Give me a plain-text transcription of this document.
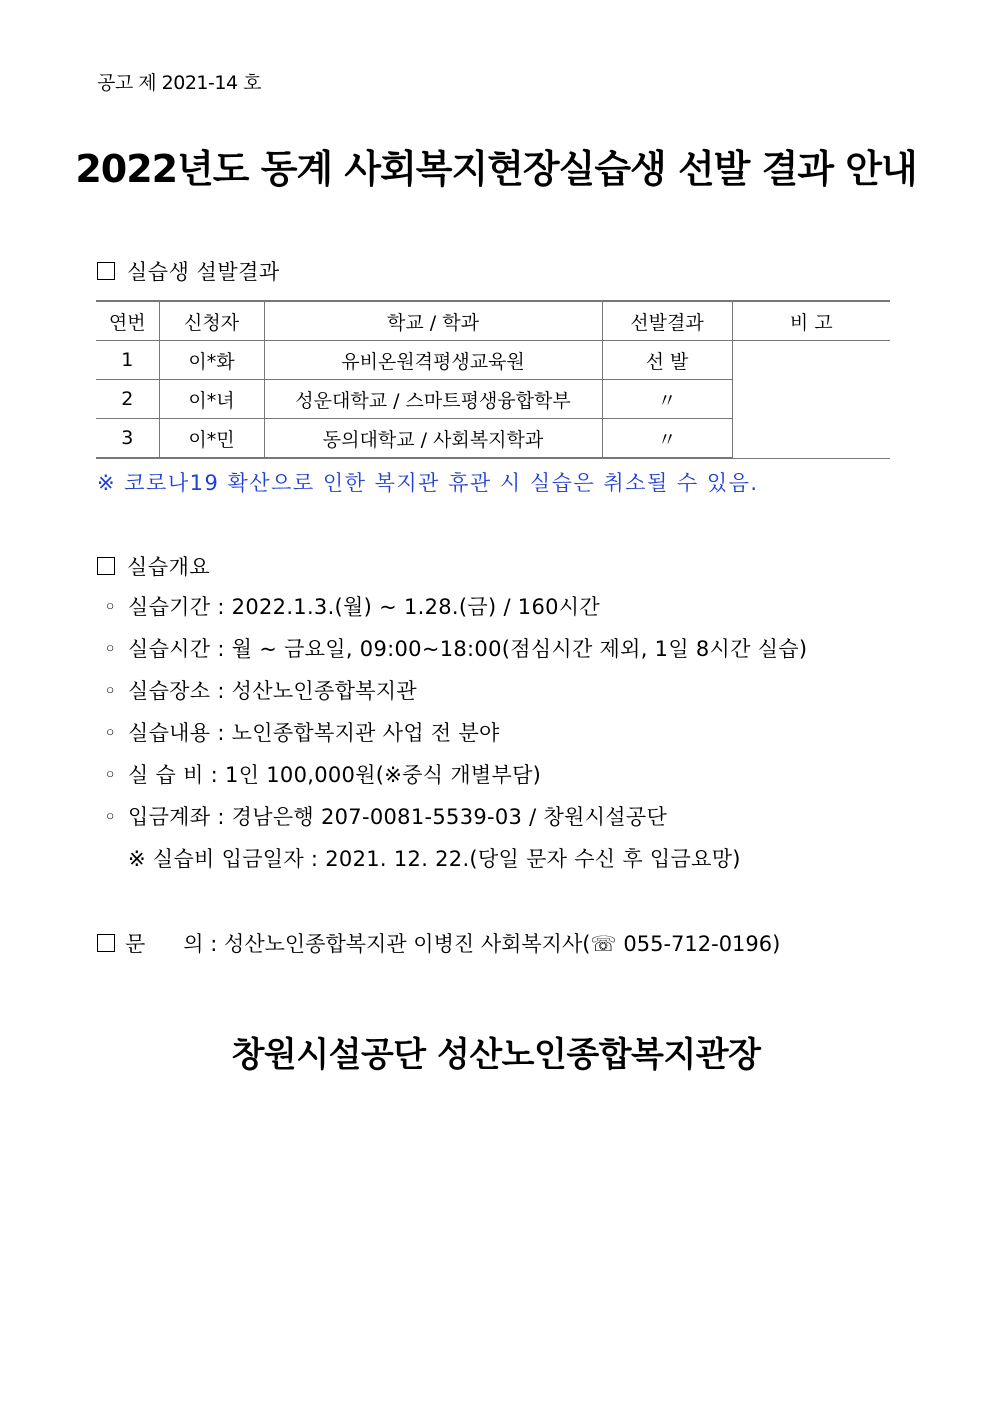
공고 제 2021-14 호
2022년도 동계 사회복지현장실습생 선발 결과 안내
실습생 설발결과
연번	신청자	학교 / 학과	선발결과	비 고
1	이*화	유비온원격평생교육원	선 발	
2	이*녀	성운대학교 / 스마트평생융합학부	〃	
3	이*민	동의대학교 / 사회복지학과	〃	
※ 코로나19 확산으로 인한 복지관 휴관 시 실습은 취소될 수 있음.
실습개요
◦ 실습기간 : 2022.1.3.(월) ~ 1.28.(금) / 160시간
◦ 실습시간 : 월 ~ 금요일, 09:00~18:00(점심시간 제외, 1일 8시간 실습)
◦ 실습장소 : 성산노인종합복지관
◦ 실습내용 : 노인종합복지관 사업 전 분야
◦ 실 습 비 : 1인 100,000원(※중식 개별부담)
◦ 입금계좌 : 경남은행 207-0081-5539-03 / 창원시설공단
※ 실습비 입금일자 : 2021. 12. 22.(당일 문자 수신 후 입금요망)
문 의 : 성산노인종합복지관 이병진 사회복지사(☏ 055-712-0196)
창원시설공단 성산노인종합복지관장
